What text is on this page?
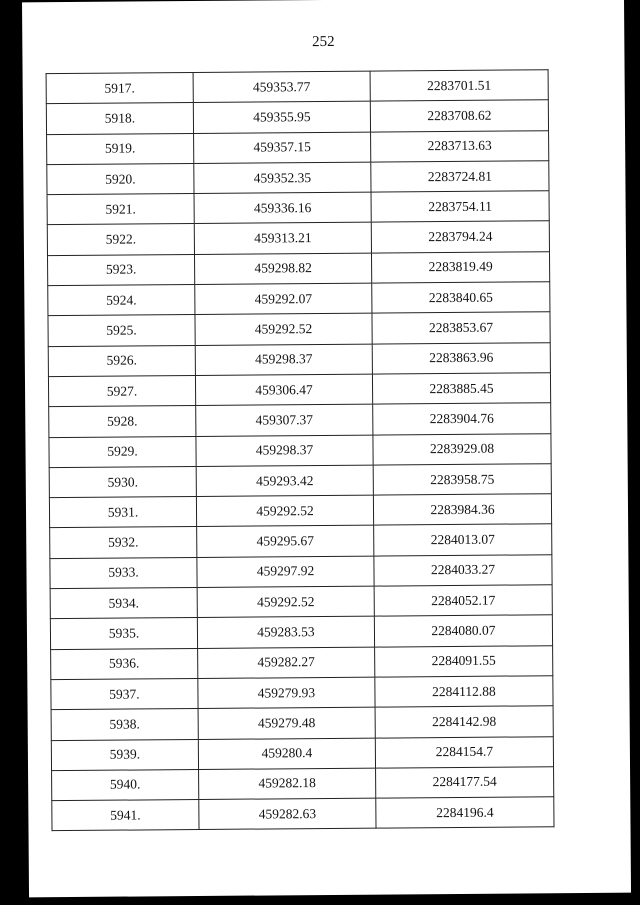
252
5917.	459353.77	2283701.51
5918.	459355.95	2283708.62
5919.	459357.15	2283713.63
5920.	459352.35	2283724.81
5921.	459336.16	2283754.11
5922.	459313.21	2283794.24
5923.	459298.82	2283819.49
5924.	459292.07	2283840.65
5925.	459292.52	2283853.67
5926.	459298.37	2283863.96
5927.	459306.47	2283885.45
5928.	459307.37	2283904.76
5929.	459298.37	2283929.08
5930.	459293.42	2283958.75
5931.	459292.52	2283984.36
5932.	459295.67	2284013.07
5933.	459297.92	2284033.27
5934.	459292.52	2284052.17
5935.	459283.53	2284080.07
5936.	459282.27	2284091.55
5937.	459279.93	2284112.88
5938.	459279.48	2284142.98
5939.	459280.4	2284154.7
5940.	459282.18	2284177.54
5941.	459282.63	2284196.4
